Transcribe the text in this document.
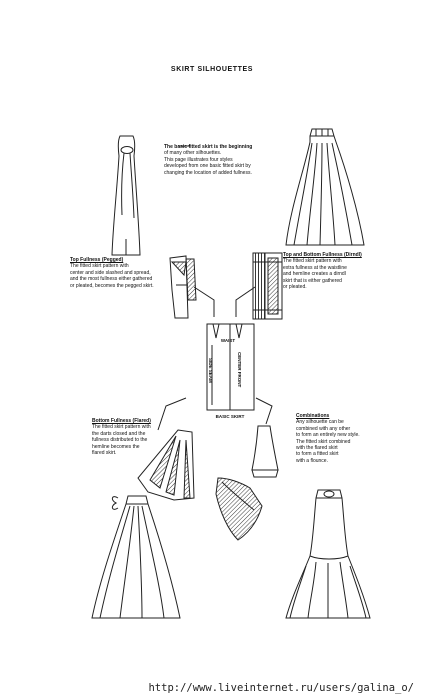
SKIRT SILHOUETTES
The basic fitted skirt is the beginning
of many other silhouettes.
This page illustrates four styles
developed from one basic fitted skirt by
changing the location of added fullness.
Top Fullness (Pegged)
The fitted skirt pattern with
center and side slashed and spread,
and the most fullness either gathered
or pleated, becomes the pegged skirt.
Top and Bottom Fullness (Dirndl)
The fitted skirt pattern with
extra fullness at the waistline
and hemline creates a dirndl
skirt that is either gathered
or pleated.
Bottom Fullness (Flared)
The fitted skirt pattern with
the darts closed and the
fullness distributed to the
hemline becomes the
flared skirt.
Combinations
Any silhouette can be
combined with any other
to form an entirely new style.
The fitted skirt combined
with the flared skirt
to form a fitted skirt
with a flounce.
WAIST
CENTER FRONT
SIDE SEAM
BASIC SKIRT
http://www.liveinternet.ru/users/galina_o/
